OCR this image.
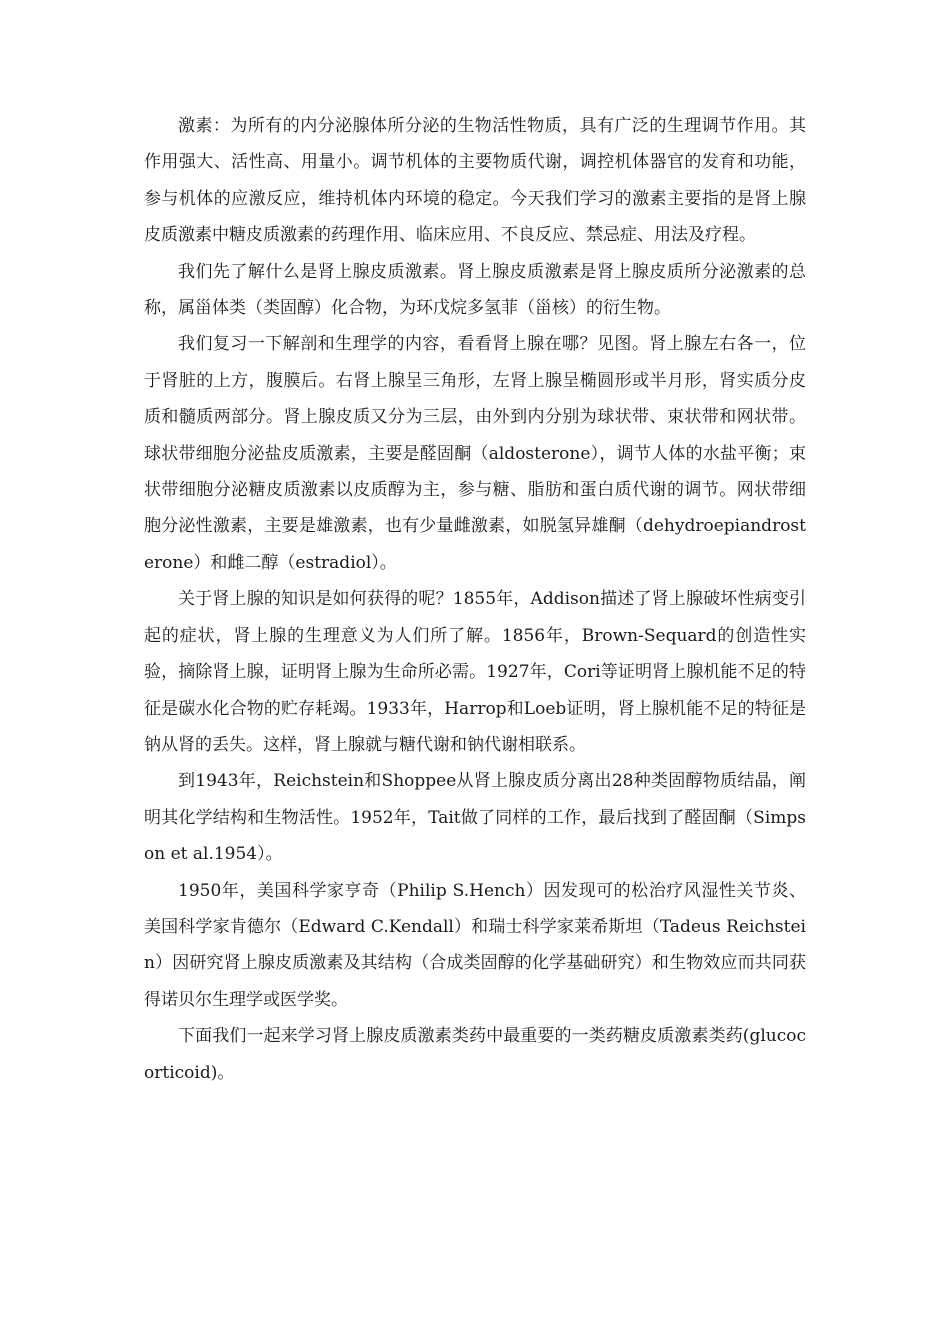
激素：为所有的内分泌腺体所分泌的生物活性物质，具有广泛的生理调节作用。其作用强大、活性高、用量小。调节机体的主要物质代谢，调控机体器官的发育和功能，参与机体的应激反应，维持机体内环境的稳定。今天我们学习的激素主要指的是肾上腺皮质激素中糖皮质激素的药理作用、临床应用、不良反应、禁忌症、用法及疗程。

我们先了解什么是肾上腺皮质激素。肾上腺皮质激素是肾上腺皮质所分泌激素的总称，属甾体类（类固醇）化合物，为环戊烷多氢菲（甾核）的衍生物。

我们复习一下解剖和生理学的内容，看看肾上腺在哪？见图。肾上腺左右各一，位于肾脏的上方，腹膜后。右肾上腺呈三角形，左肾上腺呈椭圆形或半月形，肾实质分皮质和髓质两部分。肾上腺皮质又分为三层，由外到内分别为球状带、束状带和网状带。球状带细胞分泌盐皮质激素，主要是醛固酮（aldosterone），调节人体的水盐平衡；束状带细胞分泌糖皮质激素以皮质醇为主，参与糖、脂肪和蛋白质代谢的调节。网状带细胞分泌性激素，主要是雄激素，也有少量雌激素，如脱氢异雄酮（dehydroepiandrosterone）和雌二醇（estradiol）。

关于肾上腺的知识是如何获得的呢？1855年，Addison描述了肾上腺破坏性病变引起的症状，肾上腺的生理意义为人们所了解。1856年，Brown-Sequard的创造性实验，摘除肾上腺，证明肾上腺为生命所必需。1927年，Cori等证明肾上腺机能不足的特征是碳水化合物的贮存耗竭。1933年，Harrop和Loeb证明，肾上腺机能不足的特征是钠从肾的丢失。这样，肾上腺就与糖代谢和钠代谢相联系。

到1943年，Reichstein和Shoppee从肾上腺皮质分离出28种类固醇物质结晶，阐明其化学结构和生物活性。1952年，Tait做了同样的工作，最后找到了醛固酮（Simpson et al.1954）。

1950年，美国科学家亨奇（Philip S.Hench）因发现可的松治疗风湿性关节炎、美国科学家肯德尔（Edward C.Kendall）和瑞士科学家莱希斯坦（Tadeus Reichstein）因研究肾上腺皮质激素及其结构（合成类固醇的化学基础研究）和生物效应而共同获得诺贝尔生理学或医学奖。

下面我们一起来学习肾上腺皮质激素类药中最重要的一类药糖皮质激素类药(glucocorticoid)。
